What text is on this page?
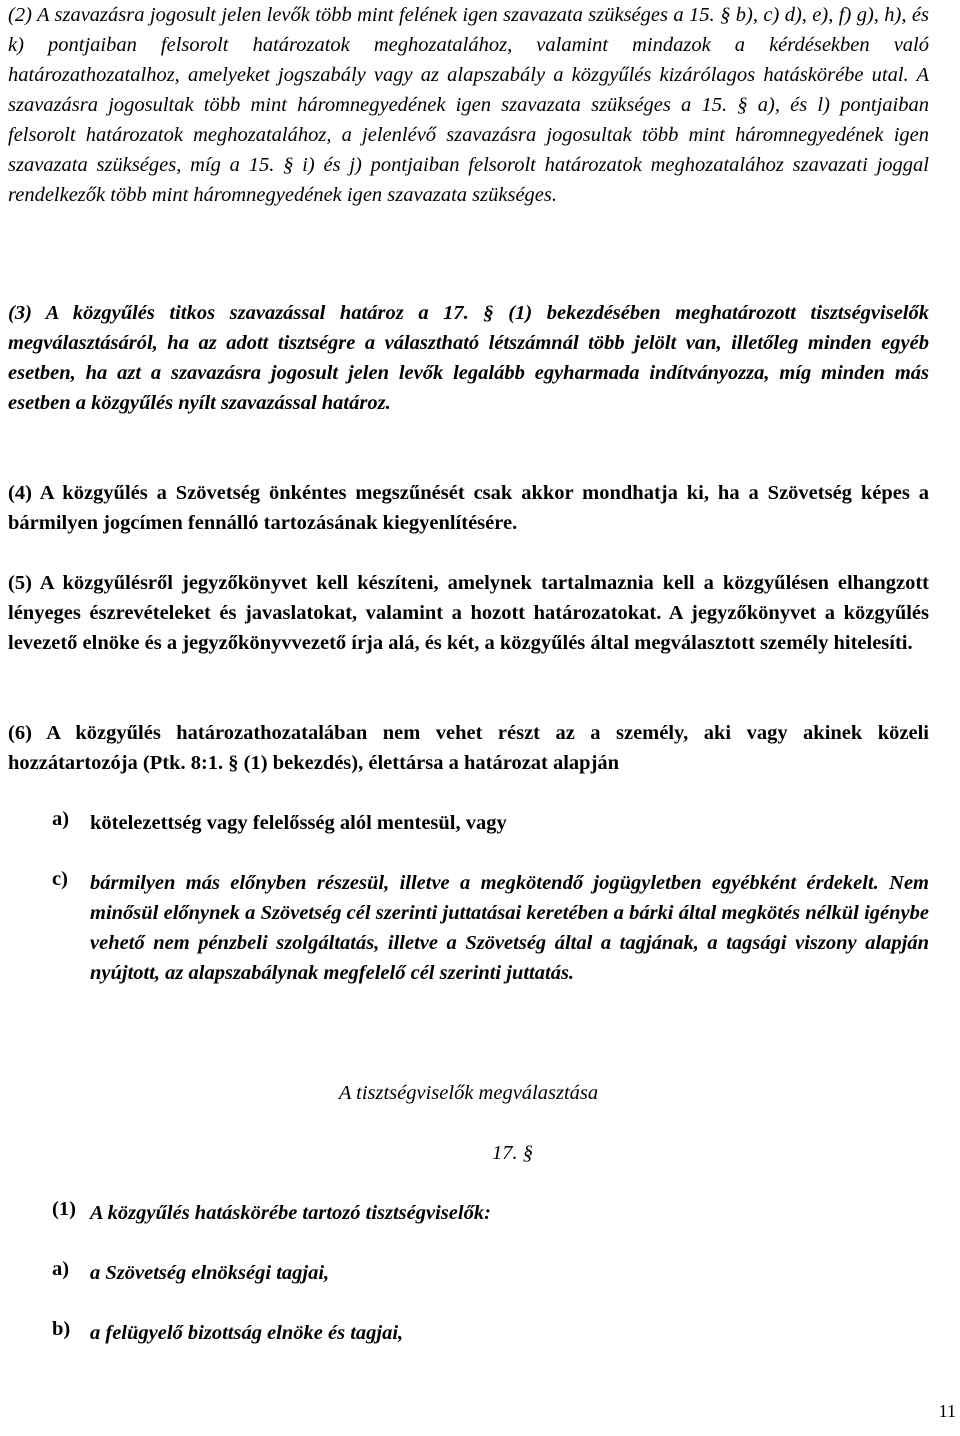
(2) A szavazásra jogosult jelen levők több mint felének igen szavazata szükséges a 15. § b), c) d), e), f) g), h), és k) pontjaiban felsorolt határozatok meghozatalához, valamint mindazok a kérdésekben való határozathozatalhoz, amelyeket jogszabály vagy az alapszabály a közgyűlés kizárólagos hatáskörébe utal. A szavazásra jogosultak több mint háromnegyedének igen szavazata szükséges a 15. § a), és l) pontjaiban felsorolt határozatok meghozatalához, a jelenlévő szavazásra jogosultak több mint háromnegyedének igen szavazata szükséges, míg a 15. § i) és j) pontjaiban felsorolt határozatok meghozatalához szavazati joggal rendelkezők több mint háromnegyedének igen szavazata szükséges.

(3) A közgyűlés titkos szavazással határoz a 17. § (1) bekezdésében meghatározott tisztségviselők megválasztásáról, ha az adott tisztségre a választható létszámnál több jelölt van, illetőleg minden egyéb esetben, ha azt a szavazásra jogosult jelen levők legalább egyharmada indítványozza, míg minden más esetben a közgyűlés nyílt szavazással határoz.

(4) A közgyűlés a Szövetség önkéntes megszűnését csak akkor mondhatja ki, ha a Szövetség képes a bármilyen jogcímen fennálló tartozásának kiegyenlítésére.

(5) A közgyűlésről jegyzőkönyvet kell készíteni, amelynek tartalmaznia kell a közgyűlésen elhangzott lényeges észrevételeket és javaslatokat, valamint a hozott határozatokat. A jegyzőkönyvet a közgyűlés levezető elnöke és a jegyzőkönyvvezető írja alá, és két, a közgyűlés által megválasztott személy hitelesíti.

(6) A közgyűlés határozathozatalában nem vehet részt az a személy, aki vagy akinek közeli hozzátartozója (Ptk. 8:1. § (1) bekezdés), élettársa a határozat alapján

a) kötelezettség vagy felelősség alól mentesül, vagy
c) bármilyen más előnyben részesül, illetve a megkötendő jogügyletben egyébként érdekelt. Nem minősül előnynek a Szövetség cél szerinti juttatásai keretében a bárki által megkötés nélkül igénybe vehető nem pénzbeli szolgáltatás, illetve a Szövetség által a tagjának, a tagsági viszony alapján nyújtott, az alapszabálynak megfelelő cél szerinti juttatás.
A tisztségviselők megválasztása
17. §
(1) A közgyűlés hatáskörébe tartozó tisztségviselők:
a) a Szövetség elnökségi tagjai,
b) a felügyelő bizottság elnöke és tagjai,
11
